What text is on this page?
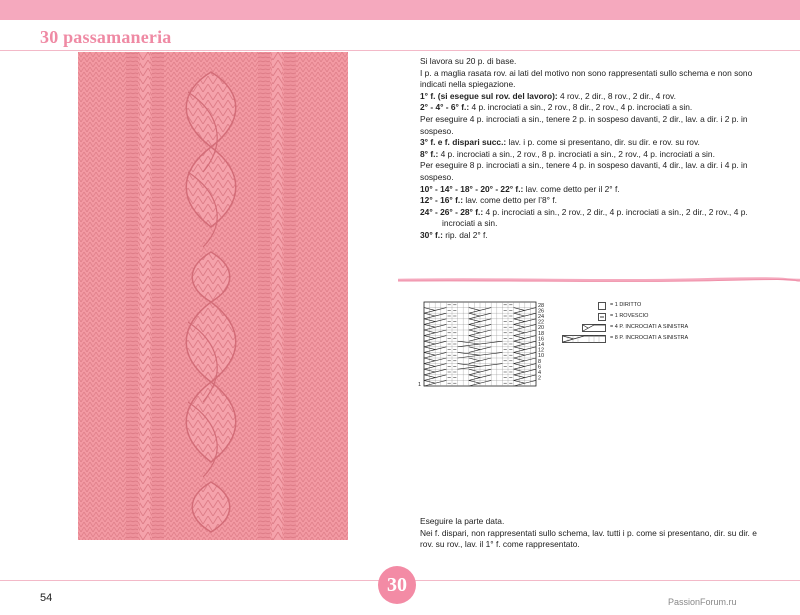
30 passamaneria

Si lavora su 20 p. di base.

I p. a maglia rasata rov. ai lati del motivo non sono rappresentati sullo schema e non sono indicati nella spiegazione.

1° f. (si esegue sul rov. del lavoro): 4 rov., 2 dir., 8 rov., 2 dir., 4 rov.

2° - 4° - 6° f.: 4 p. incrociati a sin., 2 rov., 8 dir., 2 rov., 4 p. incrociati a sin.

Per eseguire 4 p. incrociati a sin., tenere 2 p. in sospeso davanti, 2 dir., lav. a dir. i 2 p. in sospeso.

3° f. e f. dispari succ.: lav. i p. come si presentano, dir. su dir. e rov. su rov.

8° f.: 4 p. incrociati a sin., 2 rov., 8 p. incrociati a sin., 2 rov., 4 p. incrociati a sin.

Per eseguire 8 p. incrociati a sin., tenere 4 p. in sospeso davanti, 4 dir., lav. a dir. i 4 p. in sospeso.

10° - 14° - 18° - 20° - 22° f.: lav. come detto per il 2° f.

12° - 16° f.: lav. come detto per l’8° f.

24° - 26° - 28° f.: 4 p. incrociati a sin., 2 rov., 2 dir., 4 p. incrociati a sin., 2 dir., 2 rov., 4 p. incrociati a sin.

30° f.: rip. dal 2° f.

28
26
24
22
20
18
16
14
12
10
8
6
4
2
1
= 1 DIRITTO
= 1 ROVESCIO
= 4 P. INCROCIATI A SINISTRA
= 8 P. INCROCIATI A SINISTRA

Eseguire la parte data.

Nei f. dispari, non rappresentati sullo schema, lav. tutti i p. come si presentano, dir. su dir. e rov. su rov., lav. il 1° f. come rappresentato.

30
54	PassionForum.ru
